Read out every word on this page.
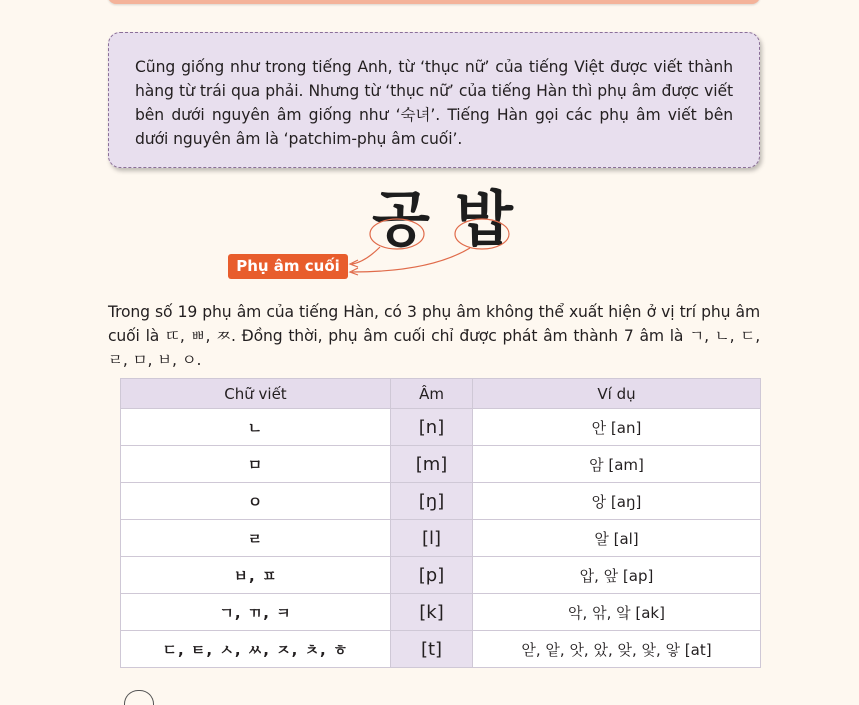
Cũng giống như trong tiếng Anh, từ ‘thục nữ’ của tiếng Việt được viết thành hàng từ trái qua phải. Nhưng từ ‘thục nữ’ của tiếng Hàn thì phụ âm được viết bên dưới nguyên âm giống như ‘숙녀’. Tiếng Hàn gọi các phụ âm viết bên dưới nguyên âm là ‘patchim-phụ âm cuối’.

공 밥
Phụ âm cuối

Trong số 19 phụ âm của tiếng Hàn, có 3 phụ âm không thể xuất hiện ở vị trí phụ âm cuối là ㄸ, ㅃ, ㅉ. Đồng thời, phụ âm cuối chỉ được phát âm thành 7 âm là ㄱ, ㄴ, ㄷ, ㄹ, ㅁ, ㅂ, ㅇ.

Chữ viết	Âm	Ví dụ
ㄴ	[n]	안 [an]
ㅁ	[m]	암 [am]
ㅇ	[ŋ]	앙 [aŋ]
ㄹ	[l]	알 [al]
ㅂ, ㅍ	[p]	압, 앞 [ap]
ㄱ, ㄲ, ㅋ	[k]	악, 앆, 앜 [ak]
ㄷ, ㅌ, ㅅ, ㅆ, ㅈ, ㅊ, ㅎ	[t]	앋, 앝, 앗, 았, 앚, 앛, 앟 [at]
